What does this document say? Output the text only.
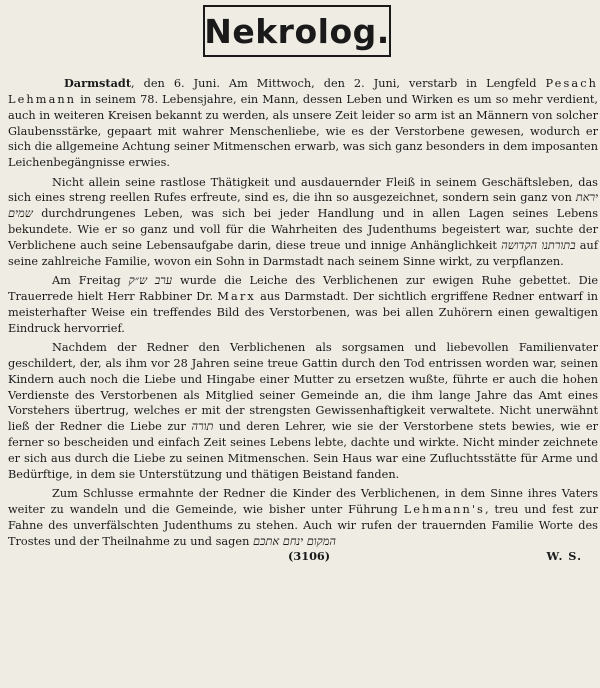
Nekrolog.

Darmstadt, den 6. Juni. Am Mittwoch, den 2. Juni, verstarb in Lengfeld Pesach Lehmann in seinem 78. Lebensjahre, ein Mann, dessen Leben und Wirken es um so mehr verdient, auch in weiteren Kreisen bekannt zu werden, als unsere Zeit leider so arm ist an Männern von solcher Glaubensstärke, gepaart mit wahrer Menschenliebe, wie es der Verstorbene gewesen, wodurch er sich die allgemeine Achtung seiner Mitmenschen erwarb, was sich ganz besonders in dem imposanten Leichenbegängnisse erwies.

Nicht allein seine rastlose Thätigkeit und ausdauernder Fleiß in seinem Geschäftsleben, das sich eines streng reellen Rufes erfreute, sind es, die ihn so ausgezeichnet, sondern sein ganz von יראת שמים durchdrungenes Leben, was sich bei jeder Handlung und in allen Lagen seines Lebens bekundete. Wie er so ganz und voll für die Wahrheiten des Judenthums begeistert war, suchte der Verblichene auch seine Lebensaufgabe darin, diese treue und innige Anhänglichkeit בתורתנו הקדושה auf seine zahlreiche Familie, wovon ein Sohn in Darmstadt nach seinem Sinne wirkt, zu verpflanzen.

Am Freitag ערב ש״ק wurde die Leiche des Verblichenen zur ewigen Ruhe gebettet. Die Trauerrede hielt Herr Rabbiner Dr. Marx aus Darmstadt. Der sichtlich ergriffene Redner entwarf in meisterhafter Weise ein treffendes Bild des Verstorbenen, was bei allen Zuhörern einen gewaltigen Eindruck hervorrief.

Nachdem der Redner den Verblichenen als sorgsamen und liebevollen Familienvater geschildert, der, als ihm vor 28 Jahren seine treue Gattin durch den Tod entrissen worden war, seinen Kindern auch noch die Liebe und Hingabe einer Mutter zu ersetzen wußte, führte er auch die hohen Verdienste des Verstorbenen als Mitglied seiner Gemeinde an, die ihm lange Jahre das Amt eines Vorstehers übertrug, welches er mit der strengsten Gewissenhaftigkeit verwaltete. Nicht unerwähnt ließ der Redner die Liebe zur תורה und deren Lehrer, wie sie der Verstorbene stets bewies, wie er ferner so bescheiden und einfach Zeit seines Lebens lebte, dachte und wirkte. Nicht minder zeichnete er sich aus durch die Liebe zu seinen Mitmenschen. Sein Haus war eine Zufluchtsstätte für Arme und Bedürftige, in dem sie Unterstützung und thätigen Beistand fanden.

Zum Schlusse ermahnte der Redner die Kinder des Verblichenen, in dem Sinne ihres Vaters weiter zu wandeln und die Gemeinde, wie bisher unter Führung Lehmann's, treu und fest zur Fahne des unverfälschten Judenthums zu stehen. Auch wir rufen der trauernden Familie Worte des Trostes und der Theilnahme zu und sagen המקום ינחם אתכם
(3106)	W. S.
